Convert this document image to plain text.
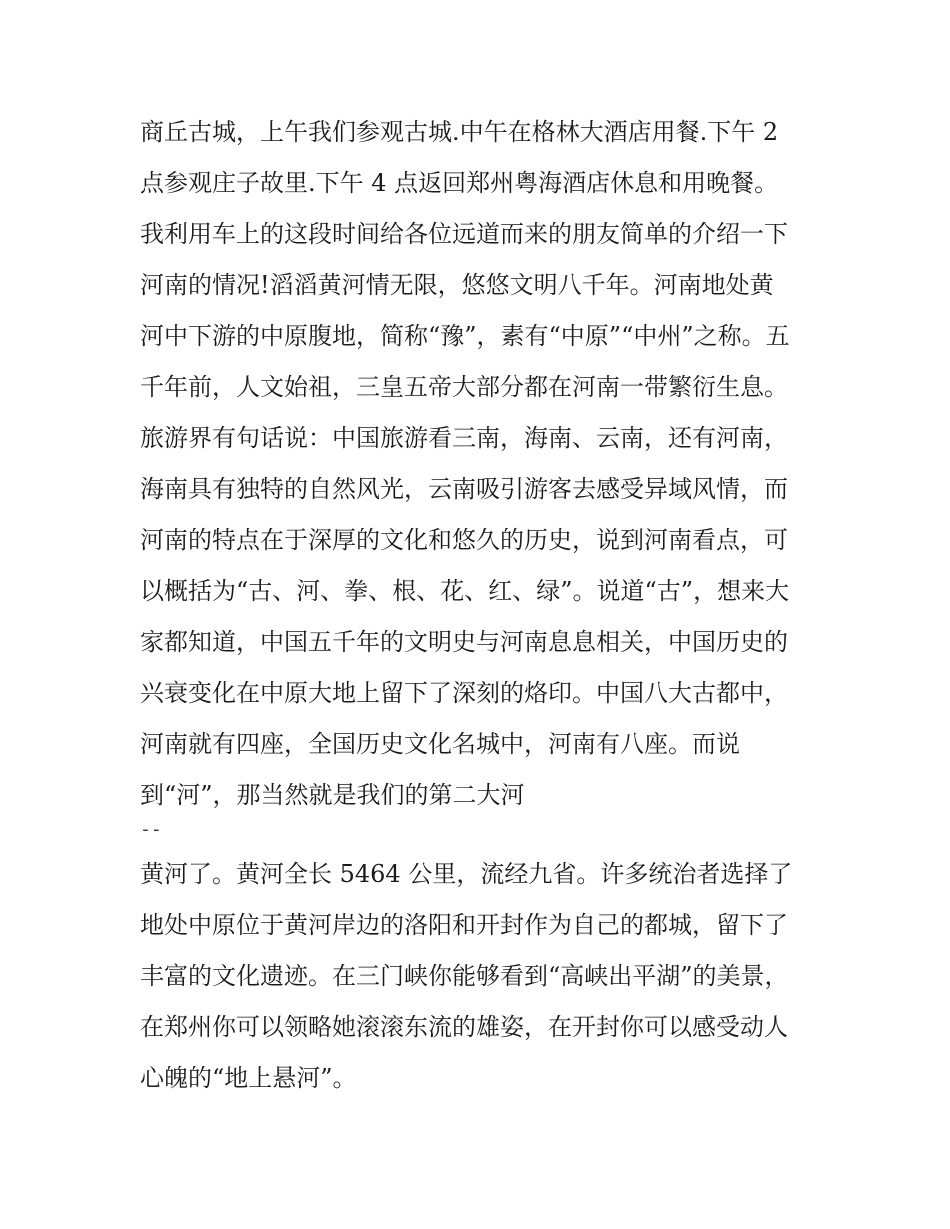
商丘古城，上午我们参观古城.中午在格林大酒店用餐.下午 2
点参观庄子故里.下午 4 点返回郑州粤海酒店休息和用晚餐。
我利用车上的这段时间给各位远道而来的朋友简单的介绍一下
河南的情况!滔滔黄河情无限，悠悠文明八千年。河南地处黄
河中下游的中原腹地，简称“豫”，素有“中原”“中州”之称。五
千年前，人文始祖，三皇五帝大部分都在河南一带繁衍生息。
旅游界有句话说：中国旅游看三南，海南、云南，还有河南，
海南具有独特的自然风光，云南吸引游客去感受异域风情，而
河南的特点在于深厚的文化和悠久的历史，说到河南看点，可
以概括为“古、河、拳、根、花、红、绿”。说道“古”，想来大
家都知道，中国五千年的文明史与河南息息相关，中国历史的
兴衰变化在中原大地上留下了深刻的烙印。中国八大古都中，
河南就有四座，全国历史文化名城中，河南有八座。而说
到“河”，那当然就是我们的第二大河
--
黄河了。黄河全长 5464 公里，流经九省。许多统治者选择了
地处中原位于黄河岸边的洛阳和开封作为自己的都城，留下了
丰富的文化遗迹。在三门峡你能够看到“高峡出平湖”的美景，
在郑州你可以领略她滚滚东流的雄姿，在开封你可以感受动人
心魄的“地上悬河”。
